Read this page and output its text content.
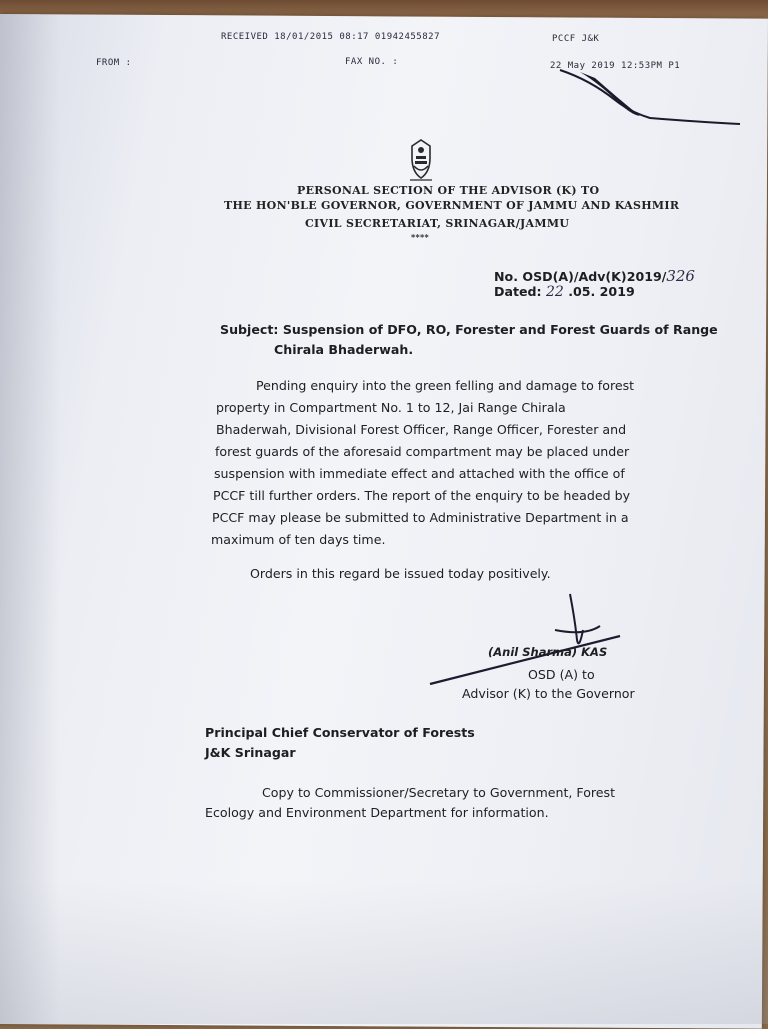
RECEIVED 18/01/2015 08:17 01942455827	PCCF J&K
FROM :	FAX NO. :	22 May 2019 12:53PM P1
PERSONAL SECTION OF THE ADVISOR (K) TO
THE HON'BLE GOVERNOR, GOVERNMENT OF JAMMU AND KASHMIR
CIVIL SECRETARIAT, SRINAGAR/JAMMU
****
No. OSD(A)/Adv(K)2019/326
Dated: 22 .05. 2019
Subject: Suspension of DFO, RO, Forester and Forest Guards of Range
Chirala Bhaderwah.
Pending enquiry into the green felling and damage to forest
property in Compartment No. 1 to 12, Jai Range Chirala
Bhaderwah, Divisional Forest Officer, Range Officer, Forester and
forest guards of the aforesaid compartment may be placed under
suspension with immediate effect and attached with the office of
PCCF till further orders. The report of the enquiry to be headed by
PCCF may please be submitted to Administrative Department in a
maximum of ten days time.
Orders in this regard be issued today positively.
(Anil Sharma) KAS
OSD (A) to
Advisor (K) to the Governor
Principal Chief Conservator of Forests
J&K Srinagar
Copy to Commissioner/Secretary to Government, Forest
Ecology and Environment Department for information.
